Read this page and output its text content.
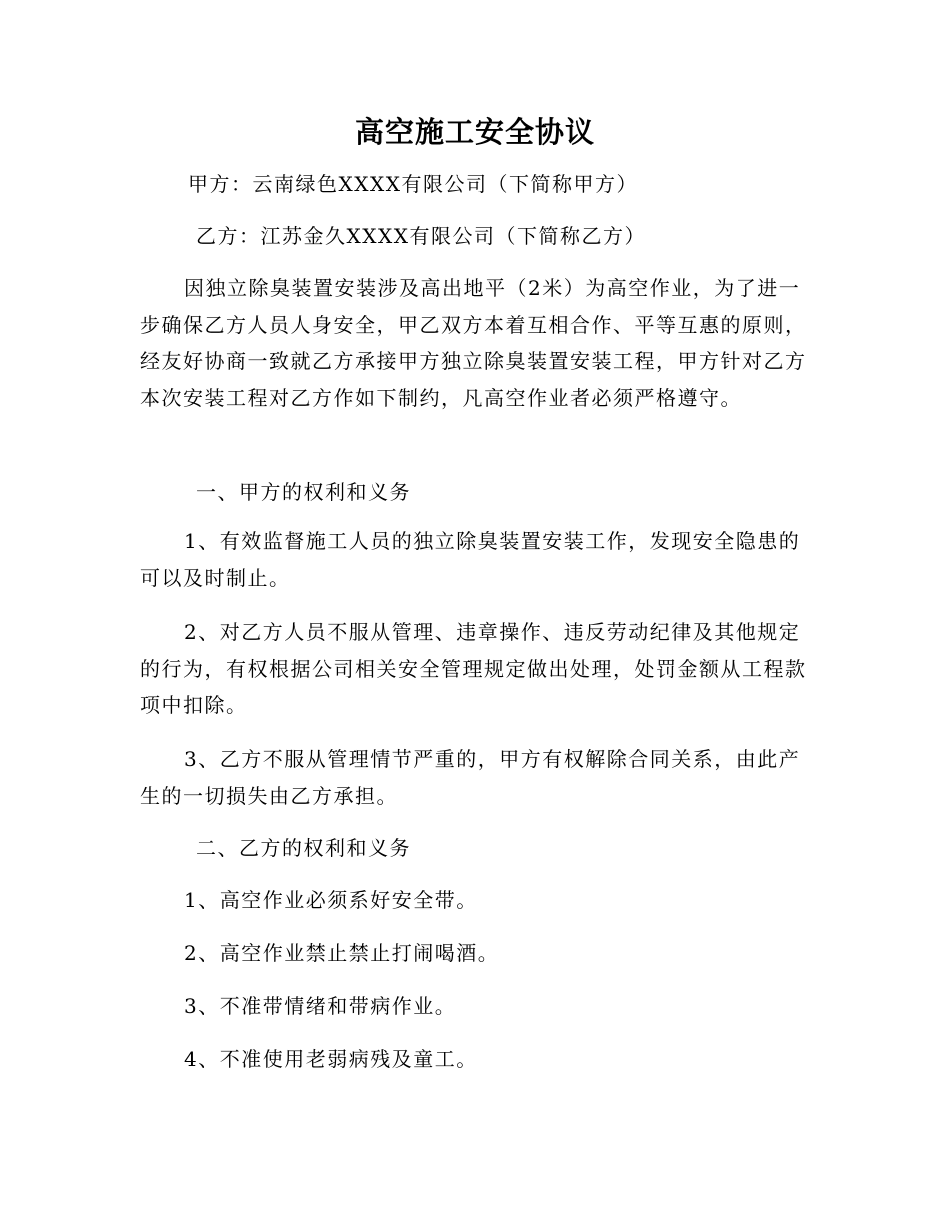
高空施工安全协议
甲方：云南绿色XXXX有限公司（下简称甲方）
乙方：江苏金久XXXX有限公司（下简称乙方）
因独立除臭装置安装涉及高出地平（2米）为高空作业，为了进一步确保乙方人员人身安全，甲乙双方本着互相合作、平等互惠的原则，经友好协商一致就乙方承接甲方独立除臭装置安装工程，甲方针对乙方本次安装工程对乙方作如下制约，凡高空作业者必须严格遵守。
一、甲方的权利和义务
1、有效监督施工人员的独立除臭装置安装工作，发现安全隐患的可以及时制止。
2、对乙方人员不服从管理、违章操作、违反劳动纪律及其他规定的行为，有权根据公司相关安全管理规定做出处理，处罚金额从工程款项中扣除。
3、乙方不服从管理情节严重的，甲方有权解除合同关系，由此产生的一切损失由乙方承担。
二、乙方的权利和义务
1、高空作业必须系好安全带。
2、高空作业禁止禁止打闹喝酒。
3、不准带情绪和带病作业。
4、不准使用老弱病残及童工。
